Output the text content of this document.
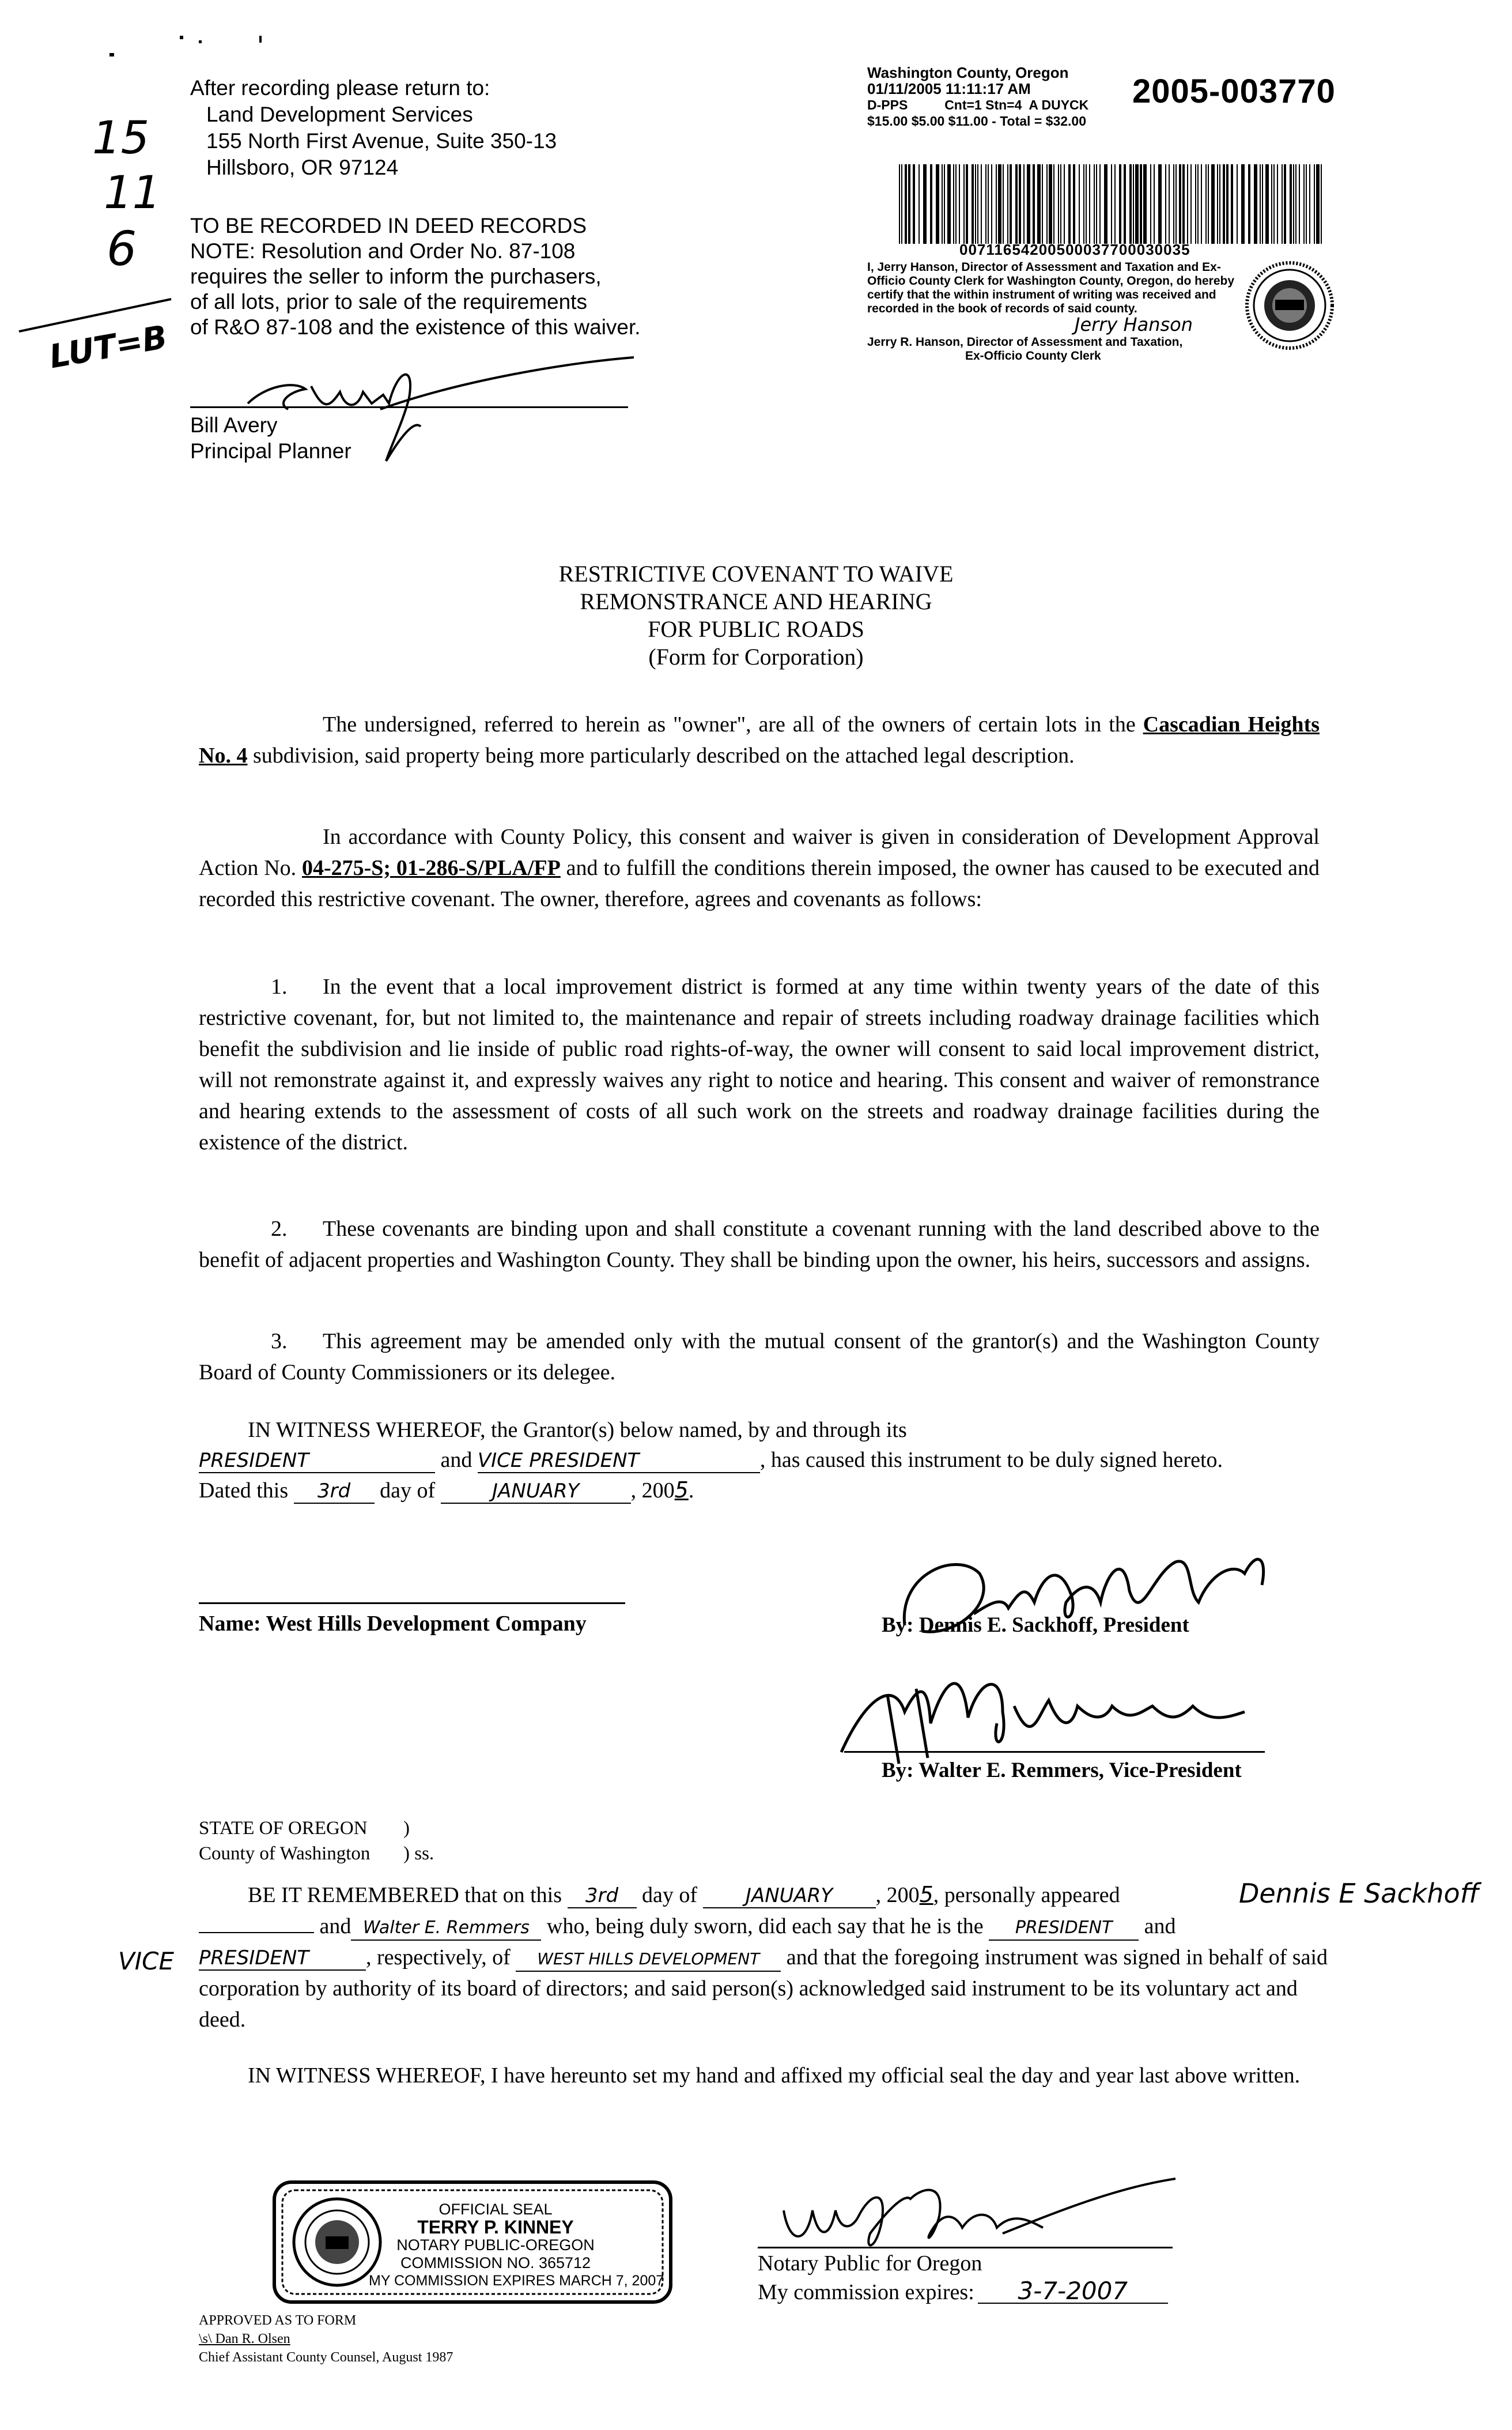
15
11
6
LUT=B
After recording please return to:
Land Development Services
155 North First Avenue, Suite 350-13
Hillsboro, OR 97124
TO BE RECORDED IN DEED RECORDS
NOTE: Resolution and Order No. 87-108
requires the seller to inform the purchasers,
of all lots, prior to sale of the requirements
of R&O 87-108 and the existence of this waiver.
Bill Avery
Principal Planner
Washington County, Oregon
01/11/2005 11:11:17 AM
D-PPS          Cnt=1 Stn=4  A DUYCK
$15.00 $5.00 $11.00 - Total = $32.00
2005-003770
00711654200500037700030035
I, Jerry Hanson, Director of Assessment and Taxation and Ex-Officio County Clerk for Washington County, Oregon, do hereby certify that the within instrument of writing was received and recorded in the book of records of said county.
Jerry Hanson
Jerry R. Hanson, Director of Assessment and Taxation,
Ex-Officio County Clerk
RESTRICTIVE COVENANT TO WAIVE
REMONSTRANCE AND HEARING
FOR PUBLIC ROADS
(Form for Corporation)
The undersigned, referred to herein as "owner", are all of the owners of certain lots in the Cascadian Heights No. 4 subdivision, said property being more particularly described on the attached legal description.
In accordance with County Policy, this consent and waiver is given in consideration of Development Approval Action No. 04-275-S; 01-286-S/PLA/FP and to fulfill the conditions therein imposed, the owner has caused to be executed and recorded this restrictive covenant. The owner, therefore, agrees and covenants as follows:
1. In the event that a local improvement district is formed at any time within twenty years of the date of this restrictive covenant, for, but not limited to, the maintenance and repair of streets including roadway drainage facilities which benefit the subdivision and lie inside of public road rights-of-way, the owner will consent to said local improvement district, will not remonstrate against it, and expressly waives any right to notice and hearing. This consent and waiver of remonstrance and hearing extends to the assessment of costs of all such work on the streets and roadway drainage facilities during the existence of the district.
2. These covenants are binding upon and shall constitute a covenant running with the land described above to the benefit of adjacent properties and Washington County. They shall be binding upon the owner, his heirs, successors and assigns.
3. This agreement may be amended only with the mutual consent of the grantor(s) and the Washington County Board of County Commissioners or its delegee.
IN WITNESS WHEREOF, the Grantor(s) below named, by and through its
PRESIDENT	and VICE PRESIDENT	, has caused this instrument to be duly signed hereto.
Dated this 3rd day of	JANUARY , 2005.
Name: West Hills Development Company	By: Dennis E. Sackhoff, President
By: Walter E. Remmers, Vice-President
STATE OF OREGON )
County of Washington ) ss.
BE IT REMEMBERED that on this 3rd day of JANUARY , 2005, personally appeared
and Walter E. Remmers who, being duly sworn, did each say that he is the PRESIDENT and
PRESIDENT	, respectively, of WEST HILLS DEVELOPMENT and that the foregoing instrument was signed in behalf of said corporation by authority of its board of directors; and said person(s) acknowledged said instrument to be its voluntary act and deed.
Dennis E Sackhoff
VICE
IN WITNESS WHEREOF, I have hereunto set my hand and affixed my official seal the day and year last above written.
OFFICIAL SEAL
TERRY P. KINNEY
NOTARY PUBLIC-OREGON
COMMISSION NO. 365712
MY COMMISSION EXPIRES MARCH 7, 2007
Notary Public for Oregon
My commission expires: 3-7-2007
APPROVED AS TO FORM
\s\ Dan R. Olsen
Chief Assistant County Counsel, August 1987
